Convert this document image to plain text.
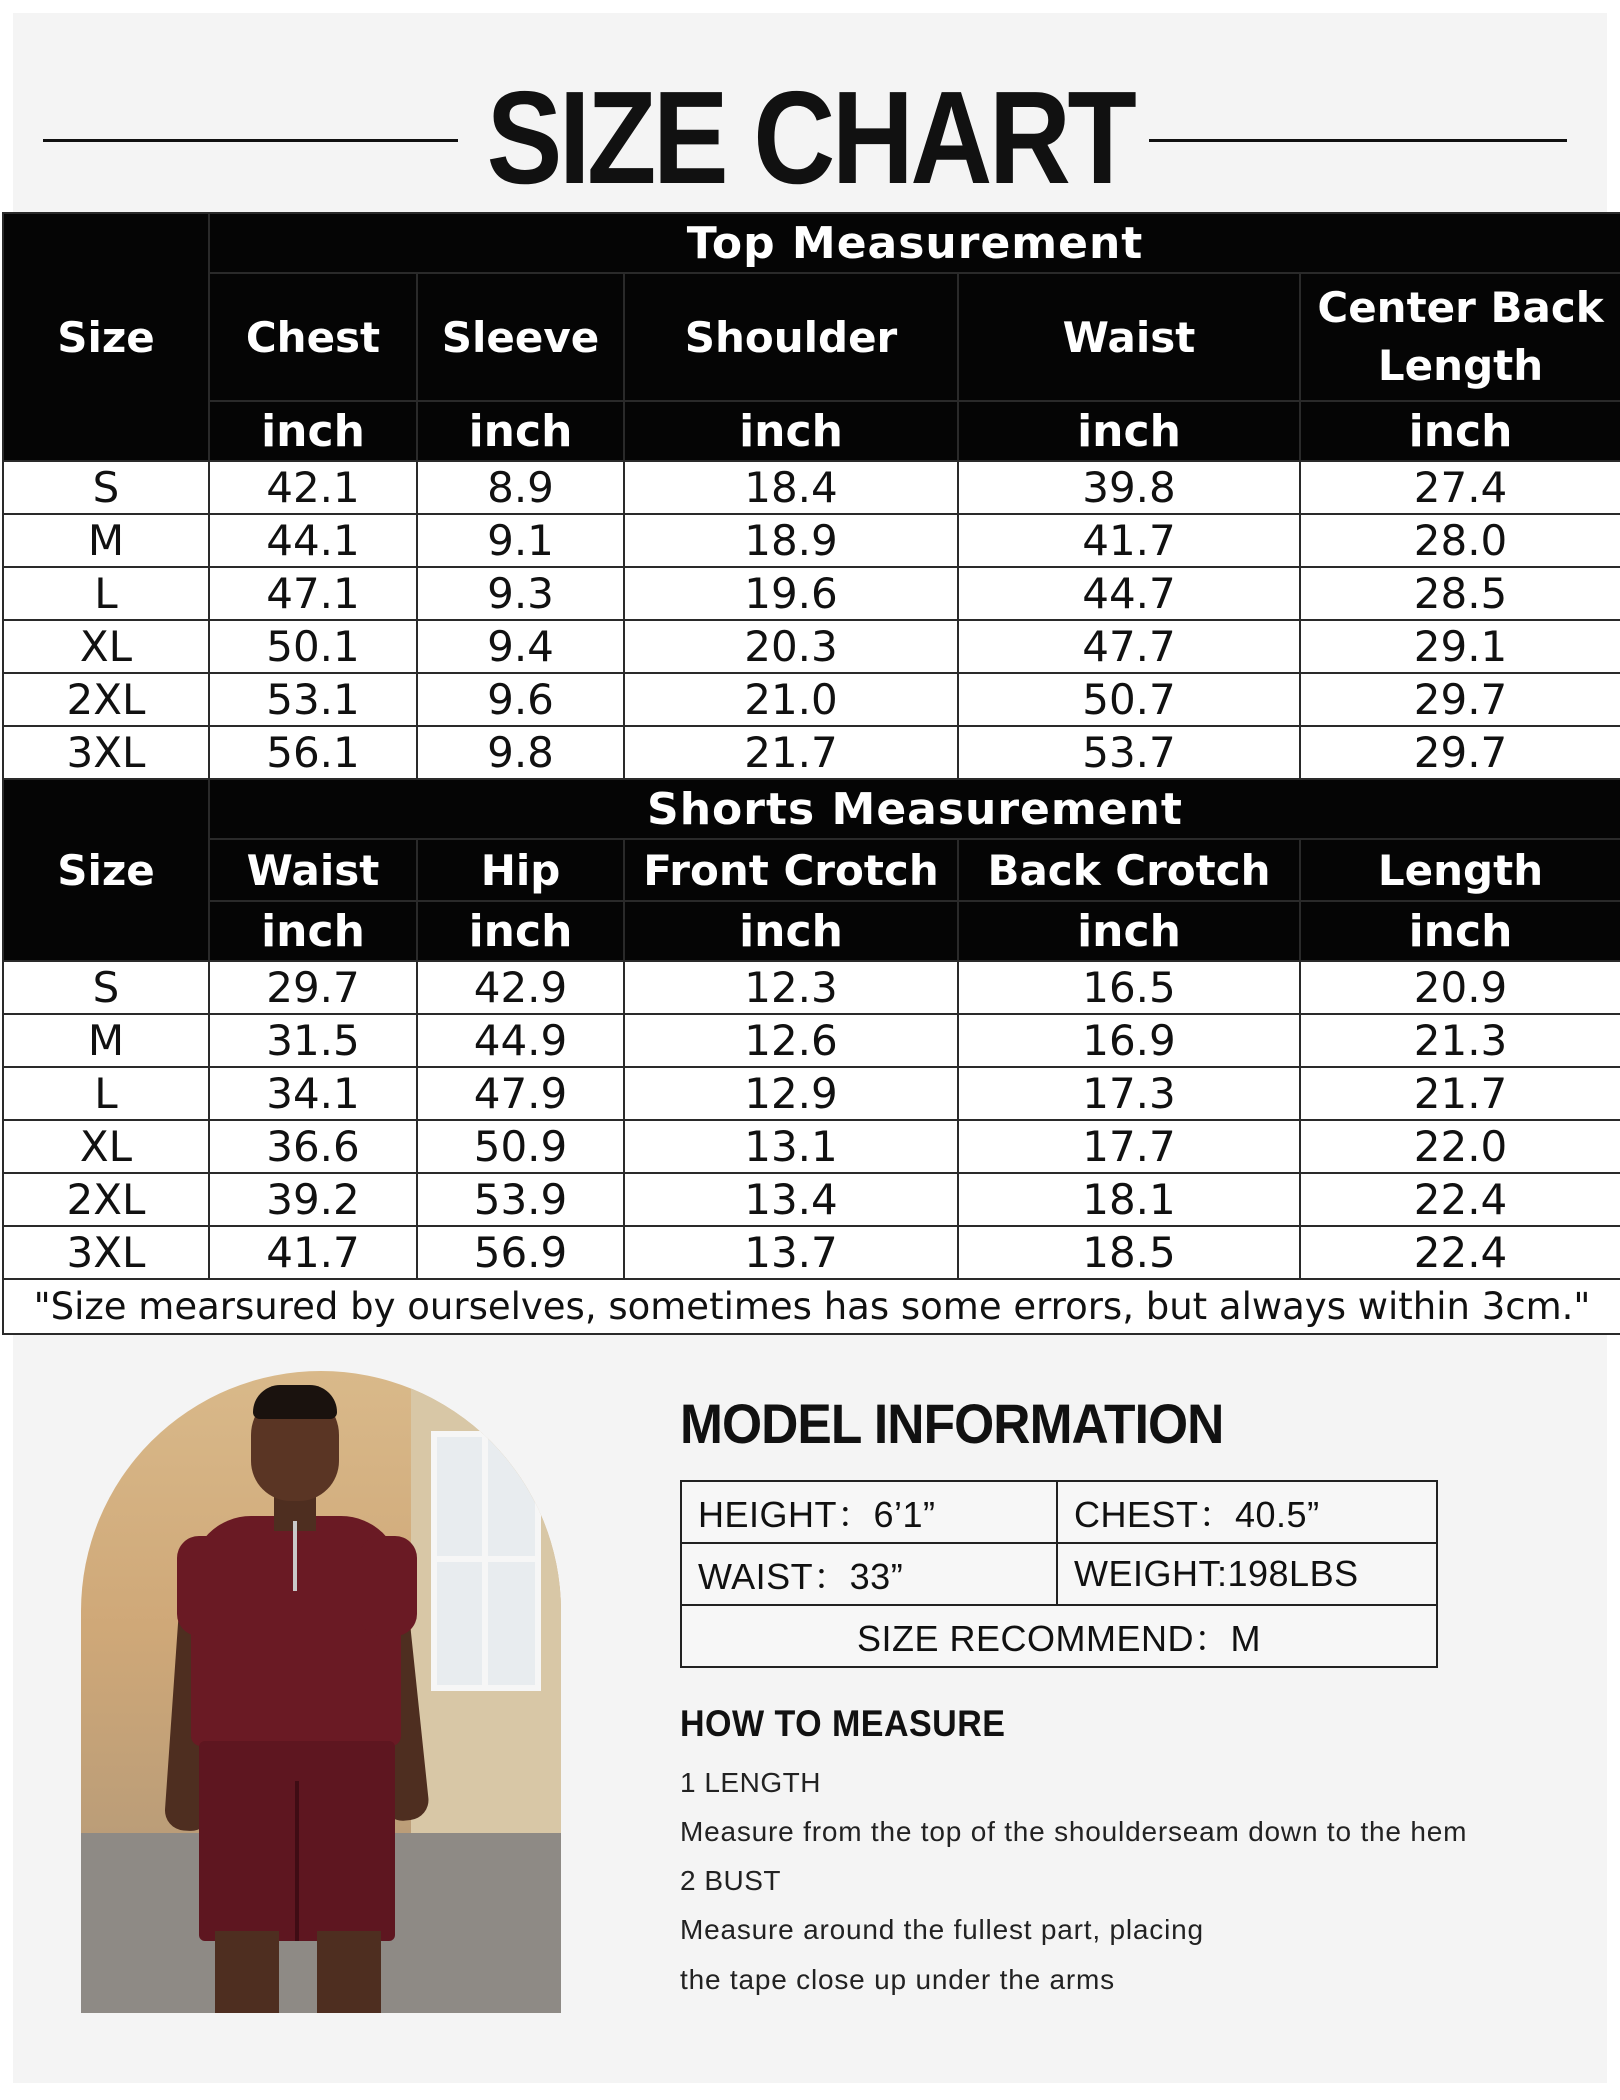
SIZE CHART
Size	Top Measurement				
	Chest	Sleeve	Shoulder	Waist	Center Back Length
	inch	inch	inch	inch	inch
S	42.1	8.9	18.4	39.8	27.4
M	44.1	9.1	18.9	41.7	28.0
L	47.1	9.3	19.6	44.7	28.5
XL	50.1	9.4	20.3	47.7	29.1
2XL	53.1	9.6	21.0	50.7	29.7
3XL	56.1	9.8	21.7	53.7	29.7
Size	Shorts Measurement				
	Waist	Hip	Front Crotch	Back Crotch	Length
	inch	inch	inch	inch	inch
S	29.7	42.9	12.3	16.5	20.9
M	31.5	44.9	12.6	16.9	21.3
L	34.1	47.9	12.9	17.3	21.7
XL	36.6	50.9	13.1	17.7	22.0
2XL	39.2	53.9	13.4	18.1	22.4
3XL	41.7	56.9	13.7	18.5	22.4
"Size mearsured by ourselves, sometimes has some errors, but always within 3cm."					
MODEL INFORMATION
HEIGHT：6’1”	CHEST：40.5”
WAIST：33”	WEIGHT:198LBS
SIZE RECOMMEND：M	
HOW TO MEASURE
1 LENGTH
Measure from the top of the shoulderseam down to the hem
2 BUST
Measure around the fullest part, placing
the tape close up under the arms
